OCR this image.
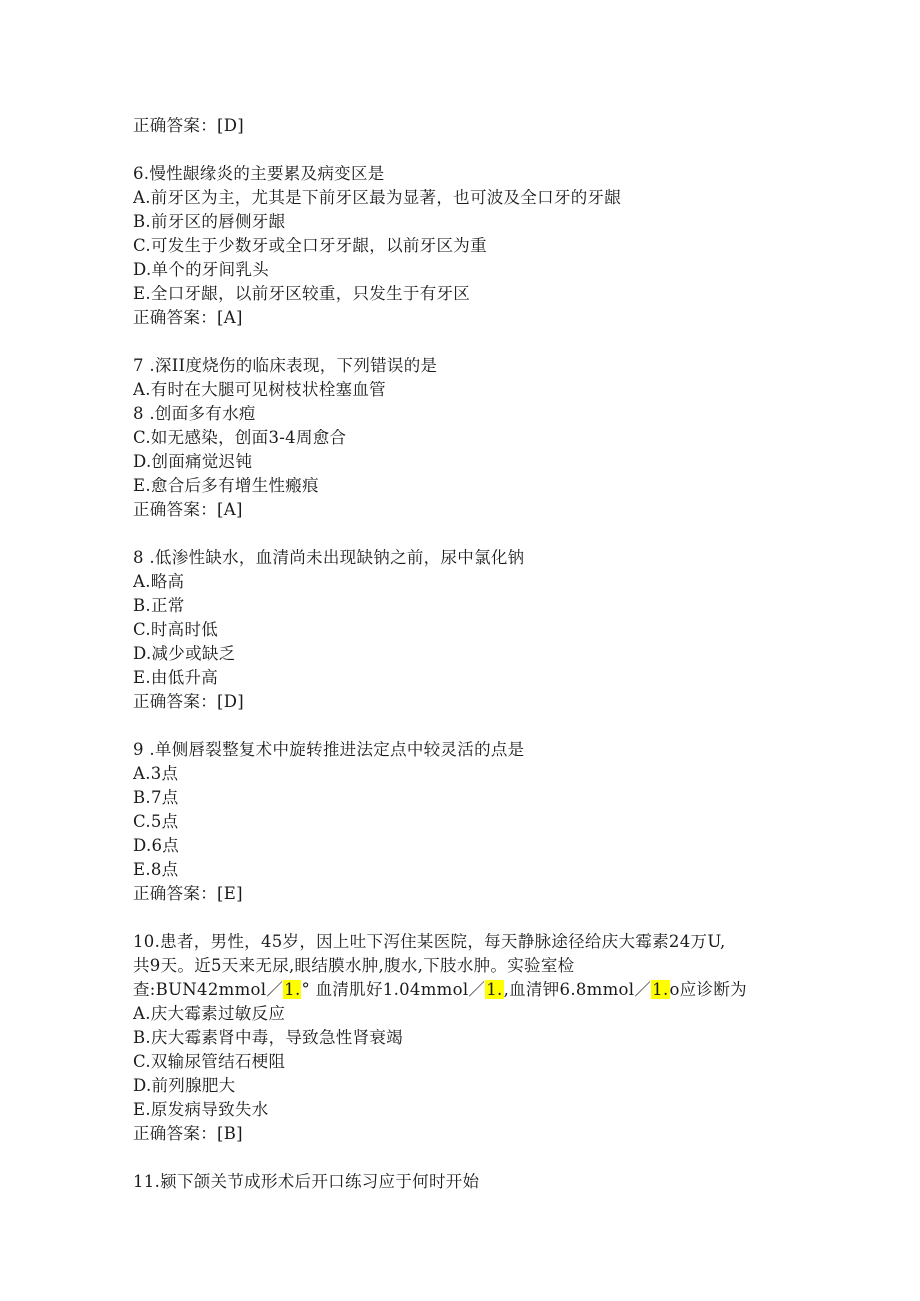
正确答案：[D]
6.慢性龈缘炎的主要累及病变区是
A.前牙区为主，尤其是下前牙区最为显著，也可波及全口牙的牙龈
B.前牙区的唇侧牙龈
C.可发生于少数牙或全口牙牙龈，以前牙区为重
D.单个的牙间乳头
E.全口牙龈，以前牙区较重，只发生于有牙区
正确答案：[A]
7 .深II度烧伤的临床表现，下列错误的是
A.有时在大腿可见树枝状栓塞血管
8 .创面多有水疱
C.如无感染，创面3-4周愈合
D.创面痛觉迟钝
E.愈合后多有增生性瘢痕
正确答案：[A]
8 .低渗性缺水，血清尚未出现缺钠之前，尿中氯化钠
A.略高
B.正常
C.时高时低
D.减少或缺乏
E.由低升高
正确答案：[D]
9 .单侧唇裂整复术中旋转推进法定点中较灵活的点是
A.3点
B.7点
C.5点
D.6点
E.8点
正确答案：[E]
10.患者，男性，45岁，因上吐下泻住某医院，每天静脉途径给庆大霉素24万U,
共9天。近5天来无尿,眼结膜水肿,腹水,下肢水肿。实验室检
查:BUN42mmol／1.° 血清肌好1.04mmol／1.,血清钾6.8mmol／1.o应诊断为
A.庆大霉素过敏反应
B.庆大霉素肾中毒，导致急性肾衰竭
C.双输尿管结石梗阻
D.前列腺肥大
E.原发病导致失水
正确答案：[B]
11.颍下颌关节成形术后开口练习应于何时开始
